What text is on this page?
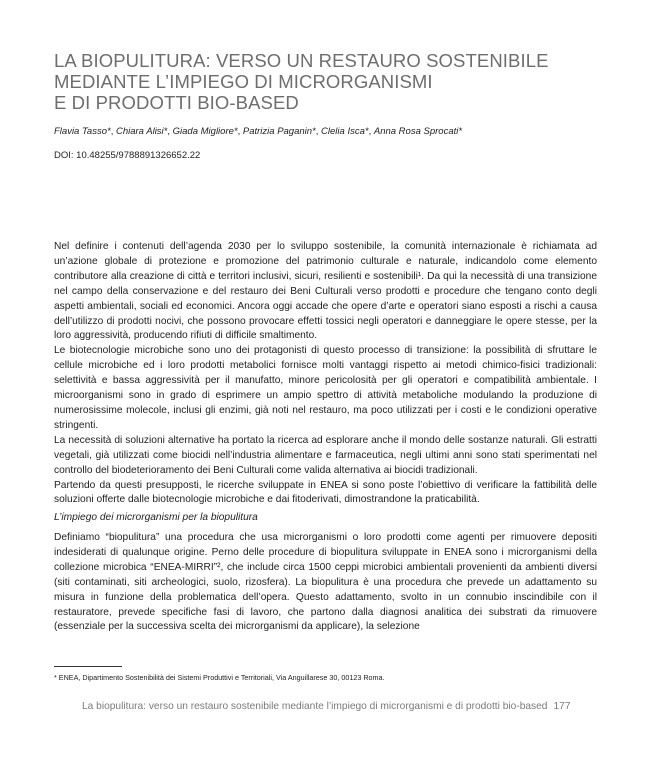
LA BIOPULITURA: VERSO UN RESTAURO SOSTENIBILE
MEDIANTE L’IMPIEGO DI MICRORGANISMI
E DI PRODOTTI BIO-BASED
Flavia Tasso*, Chiara Alisi*, Giada Migliore*, Patrizia Paganin*, Clelia Isca*, Anna Rosa Sprocati*
DOI: 10.48255/9788891326652.22

Nel definire i contenuti dell’agenda 2030 per lo sviluppo sostenibile, la comunità internazionale è richiamata ad un’azione globale di protezione e promozione del patrimonio culturale e naturale, indicandolo come elemento contributore alla creazione di città e territori inclusivi, sicuri, resilienti e sostenibili¹. Da qui la necessità di una transizione nel campo della conservazione e del restauro dei Beni Culturali verso prodotti e procedure che tengano conto degli aspetti ambientali, sociali ed economici. Ancora oggi accade che opere d’arte e operatori siano esposti a rischi a causa dell’utilizzo di prodotti nocivi, che possono provocare effetti tossici negli operatori e danneggiare le opere stesse, per la loro aggressività, producendo rifiuti di difficile smaltimento.

Le biotecnologie microbiche sono uno dei protagonisti di questo processo di transizione: la possibilità di sfruttare le cellule microbiche ed i loro prodotti metabolici fornisce molti vantaggi rispetto ai metodi chimico-fisici tradizionali: selettività e bassa aggressività per il manufatto, minore pericolosità per gli operatori e compatibilità ambientale. I microorganismi sono in grado di esprimere un ampio spettro di attività metaboliche modulando la produzione di numerosissime molecole, inclusi gli enzimi, già noti nel restauro, ma poco utilizzati per i costi e le condizioni operative stringenti.

La necessità di soluzioni alternative ha portato la ricerca ad esplorare anche il mondo delle sostanze naturali. Gli estratti vegetali, già utilizzati come biocidi nell’industria alimentare e farmaceutica, negli ultimi anni sono stati sperimentati nel controllo del biodeterioramento dei Beni Culturali come valida alternativa ai biocidi tradizionali.

Partendo da questi presupposti, le ricerche sviluppate in ENEA si sono poste l’obiettivo di verificare la fattibilità delle soluzioni offerte dalle biotecnologie microbiche e dai fitoderivati, dimostrandone la praticabilità.

L’impiego dei microrganismi per la biopulitura

Definiamo “biopulitura” una procedura che usa microrganismi o loro prodotti come agenti per rimuovere depositi indesiderati di qualunque origine. Perno delle procedure di biopulitura sviluppate in ENEA sono i microrganismi della collezione microbica “ENEA-MIRRI”², che include circa 1500 ceppi microbici ambientali provenienti da ambienti diversi (siti contaminati, siti archeologici, suolo, rizosfera). La biopulitura è una procedura che prevede un adattamento su misura in funzione della problematica dell’opera. Questo adattamento, svolto in un connubio inscindibile con il restauratore, prevede specifiche fasi di lavoro, che partono dalla diagnosi analitica dei substrati da rimuovere (essenziale per la successiva scelta dei microrganismi da applicare), la selezione

* ENEA, Dipartimento Sostenibilità dei Sistemi Produttivi e Territoriali, Via Anguillarese 30, 00123 Roma.
La biopulitura: verso un restauro sostenibile mediante l’impiego di microrganismi e di prodotti bio-based 177
